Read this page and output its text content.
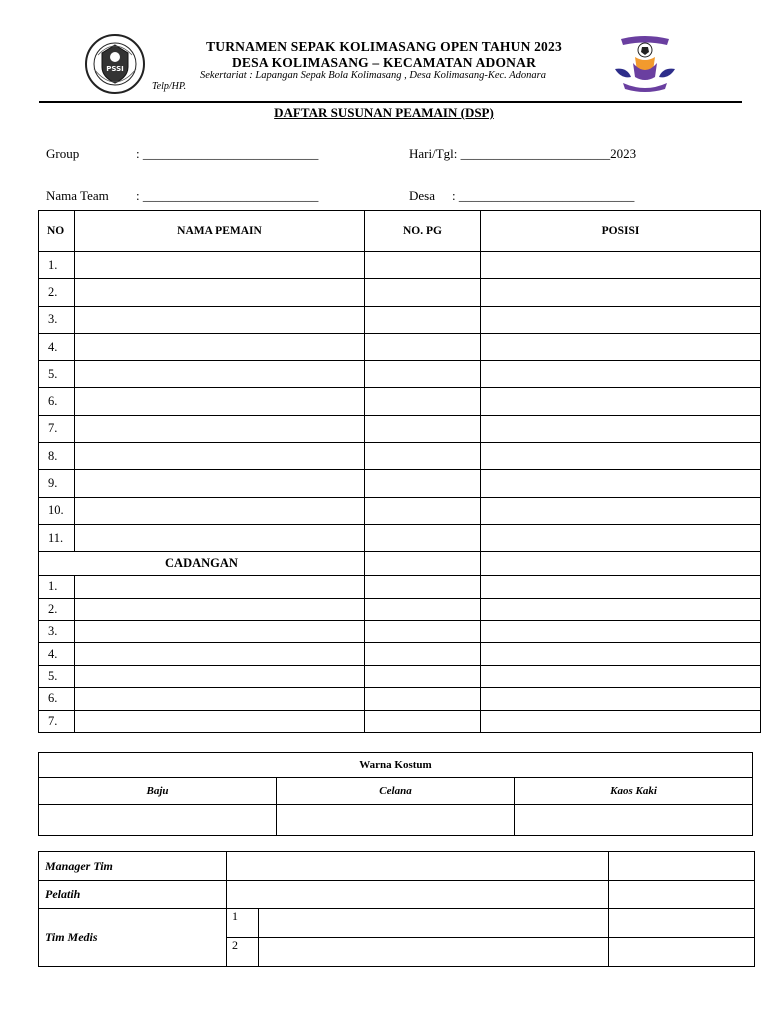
PSSI
TURNAMEN SEPAK KOLIMASANG OPEN TAHUN 2023
DESA KOLIMASANG – KECAMATAN ADONAR
Sekertariat : Lapangan Sepak Bola Kolimasang , Desa Kolimasang-Kec. Adonara
Telp/HP.
DAFTAR SUSUNAN PEAMAIN (DSP)
Group	: ___________________________	Hari/Tgl: _______________________2023
Nama Team : ___________________________	Desa : ___________________________
NO	NAMA PEMAIN	NO. PG	POSISI
1.			
2.			
3.			
4.			
5.			
6.			
7.			
8.			
9.			
10.			
11.			
CADANGAN			
1.			
2.			
3.			
4.			
5.			
6.			
7.			
Warna Kostum		
Baju	Celana	Kaos Kaki

Manager Tim			
Pelatih			
Tim Medis	1		
	2		
